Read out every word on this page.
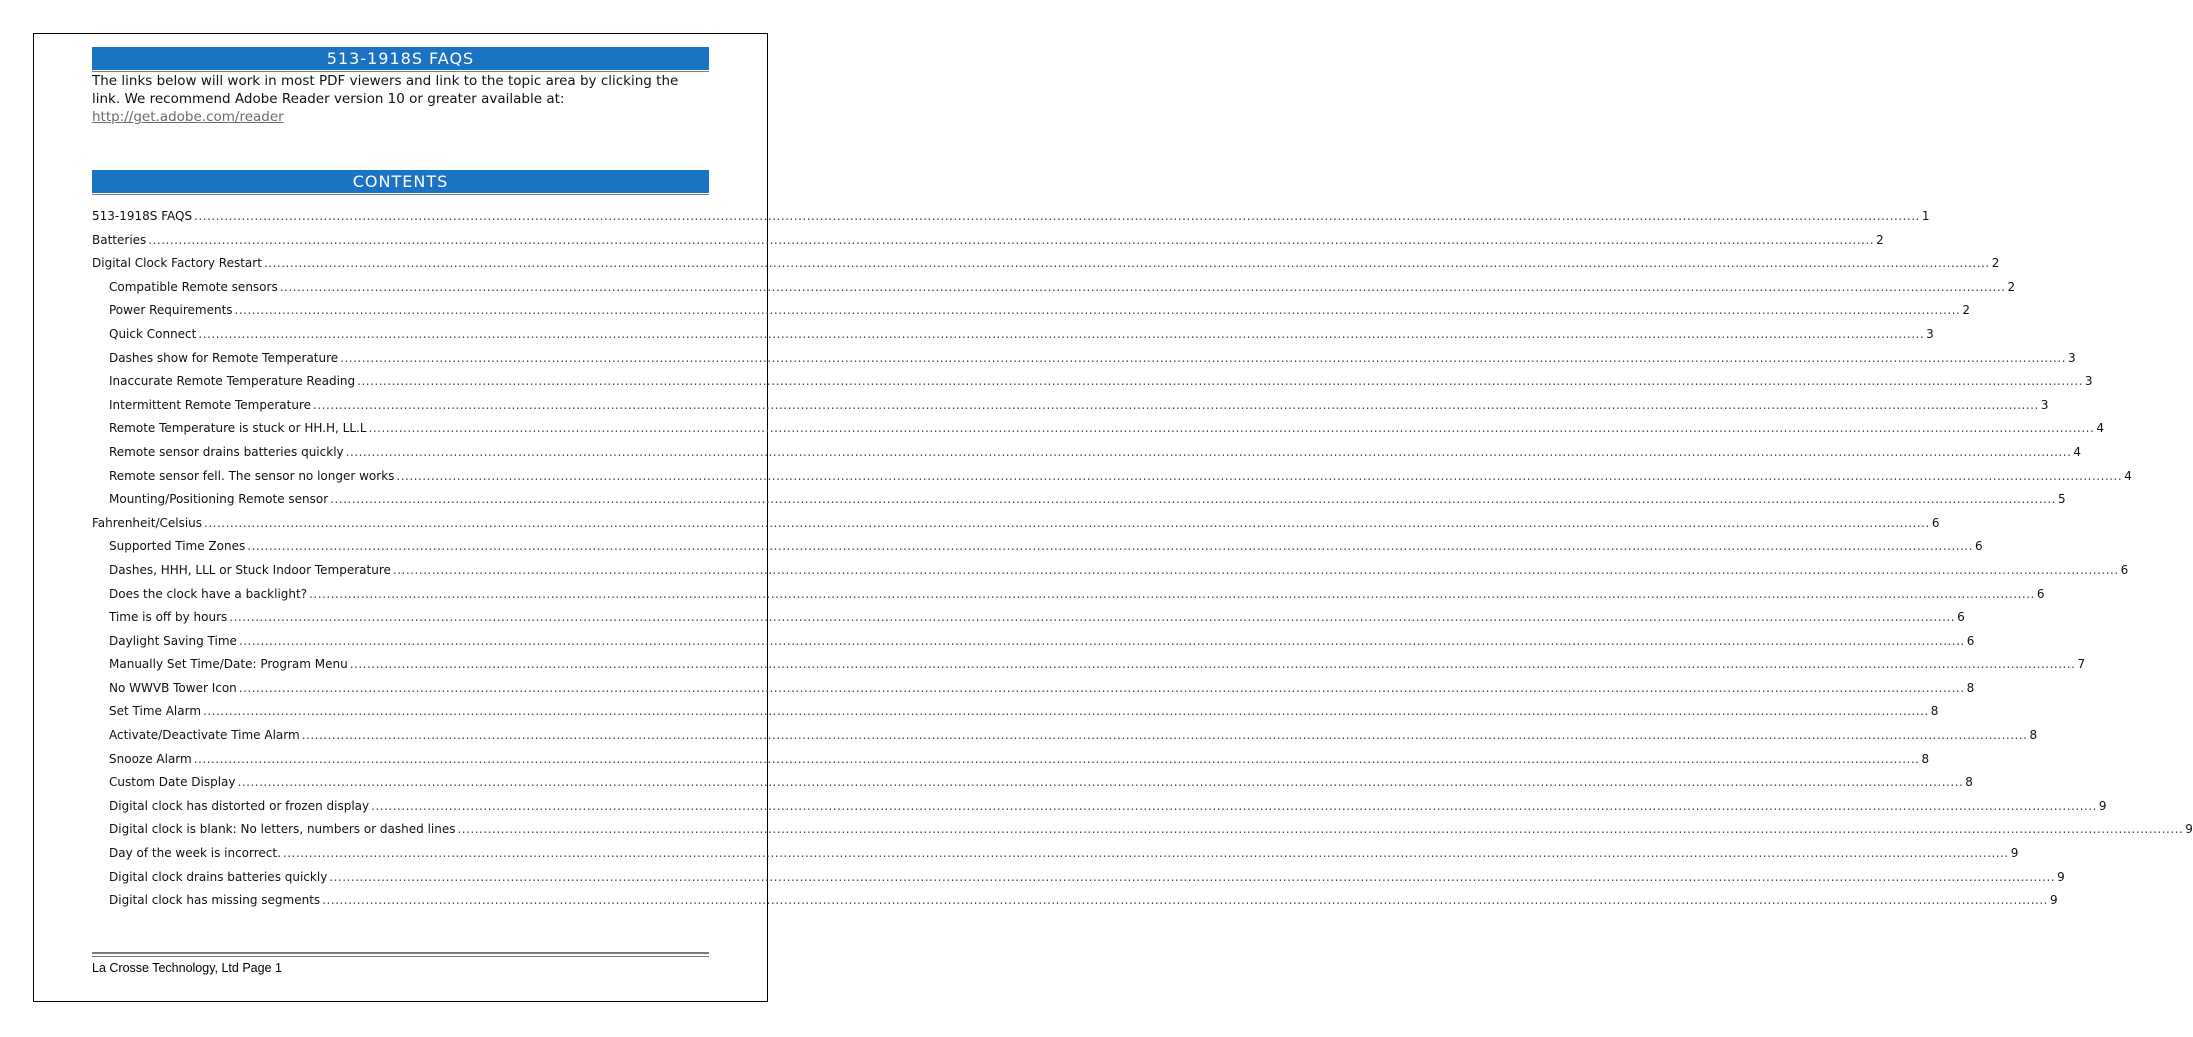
513-1918S FAQS
The links below will work in most PDF viewers and link to the topic area by clicking the link. We recommend Adobe Reader version 10 or greater available at:
http://get.adobe.com/reader
CONTENTS
513-1918S FAQS ................................................................................................................................................................................................................................................................................................................................................................................................................ 1
Batteries ................................................................................................................................................................................................................................................................................................................................................................................................................ 2
Digital Clock Factory Restart ................................................................................................................................................................................................................................................................................................................................................................................................................ 2
Compatible Remote sensors ................................................................................................................................................................................................................................................................................................................................................................................................................ 2
Power Requirements ................................................................................................................................................................................................................................................................................................................................................................................................................ 2
Quick Connect ................................................................................................................................................................................................................................................................................................................................................................................................................ 3
Dashes show for Remote Temperature ................................................................................................................................................................................................................................................................................................................................................................................................................ 3
Inaccurate Remote Temperature Reading ................................................................................................................................................................................................................................................................................................................................................................................................................ 3
Intermittent Remote Temperature ................................................................................................................................................................................................................................................................................................................................................................................................................ 3
Remote Temperature is stuck or HH.H, LL.L ................................................................................................................................................................................................................................................................................................................................................................................................................ 4
Remote sensor drains batteries quickly ................................................................................................................................................................................................................................................................................................................................................................................................................ 4
Remote sensor fell. The sensor no longer works ................................................................................................................................................................................................................................................................................................................................................................................................................ 4
Mounting/Positioning Remote sensor ................................................................................................................................................................................................................................................................................................................................................................................................................ 5
Fahrenheit/Celsius ................................................................................................................................................................................................................................................................................................................................................................................................................ 6
Supported Time Zones ................................................................................................................................................................................................................................................................................................................................................................................................................ 6
Dashes, HHH, LLL or Stuck Indoor Temperature ................................................................................................................................................................................................................................................................................................................................................................................................................ 6
Does the clock have a backlight? ................................................................................................................................................................................................................................................................................................................................................................................................................ 6
Time is off by hours ................................................................................................................................................................................................................................................................................................................................................................................................................ 6
Daylight Saving Time ................................................................................................................................................................................................................................................................................................................................................................................................................ 6
Manually Set Time/Date: Program Menu ................................................................................................................................................................................................................................................................................................................................................................................................................ 7
No WWVB Tower Icon ................................................................................................................................................................................................................................................................................................................................................................................................................ 8
Set Time Alarm ................................................................................................................................................................................................................................................................................................................................................................................................................ 8
Activate/Deactivate Time Alarm ................................................................................................................................................................................................................................................................................................................................................................................................................ 8
Snooze Alarm ................................................................................................................................................................................................................................................................................................................................................................................................................ 8
Custom Date Display ................................................................................................................................................................................................................................................................................................................................................................................................................ 8
Digital clock has distorted or frozen display ................................................................................................................................................................................................................................................................................................................................................................................................................ 9
Digital clock is blank: No letters, numbers or dashed lines ................................................................................................................................................................................................................................................................................................................................................................................................................ 9
Day of the week is incorrect. ................................................................................................................................................................................................................................................................................................................................................................................................................ 9
Digital clock drains batteries quickly ................................................................................................................................................................................................................................................................................................................................................................................................................ 9
Digital clock has missing segments ................................................................................................................................................................................................................................................................................................................................................................................................................ 9
La Crosse Technology, Ltd Page 1
